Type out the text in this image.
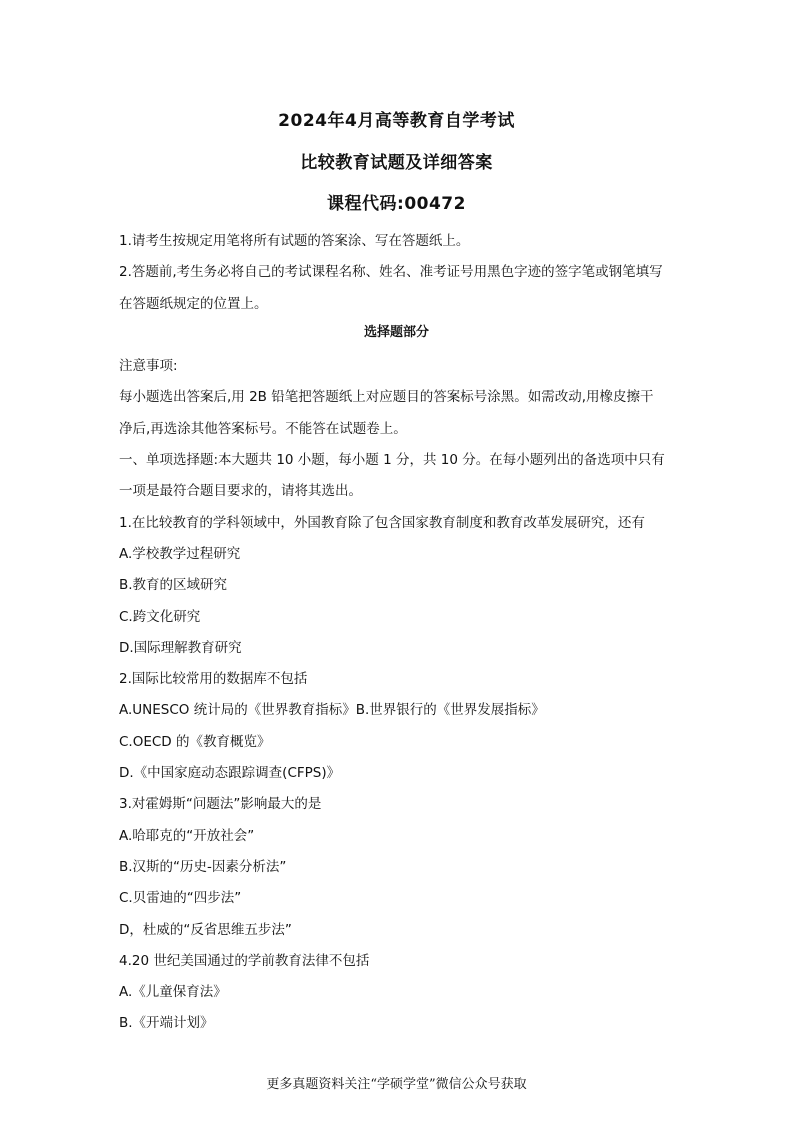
2024年4月高等教育自学考试
比较教育试题及详细答案
课程代码:00472
1.请考生按规定用笔将所有试题的答案涂、写在答题纸上。
2.答题前,考生务必将自己的考试课程名称、姓名、准考证号用黑色字迹的签字笔或钢笔填写
在答题纸规定的位置上。
注意事项:
每小题选出答案后,用 2B 铅笔把答题纸上对应题目的答案标号涂黑。如需改动,用橡皮擦干
净后,再选涂其他答案标号。不能答在试题卷上。
一、单项选择题:本大题共 10 小题，每小题 1 分，共 10 分。在每小题列出的备选项中只有
一项是最符合题目要求的，请将其选出。
1.在比较教育的学科领域中，外国教育除了包含国家教育制度和教育改革发展研究，还有
A.学校教学过程研究
B.教育的区域研究
C.跨文化研究
D.国际理解教育研究
2.国际比较常用的数据库不包括
A.UNESCO 统计局的《世界教育指标》B.世界银行的《世界发展指标》
C.OECD 的《教育概览》
D.《中国家庭动态跟踪调查(CFPS)》
3.对霍姆斯“问题法”影响最大的是
A.哈耶克的“开放社会”
B.汉斯的“历史-因素分析法”
C.贝雷迪的“四步法”
D，杜威的“反省思维五步法”
4.20 世纪美国通过的学前教育法律不包括
A.《儿童保育法》
B.《开端计划》
选择题部分
更多真题资料关注“学硕学堂”微信公众号获取
